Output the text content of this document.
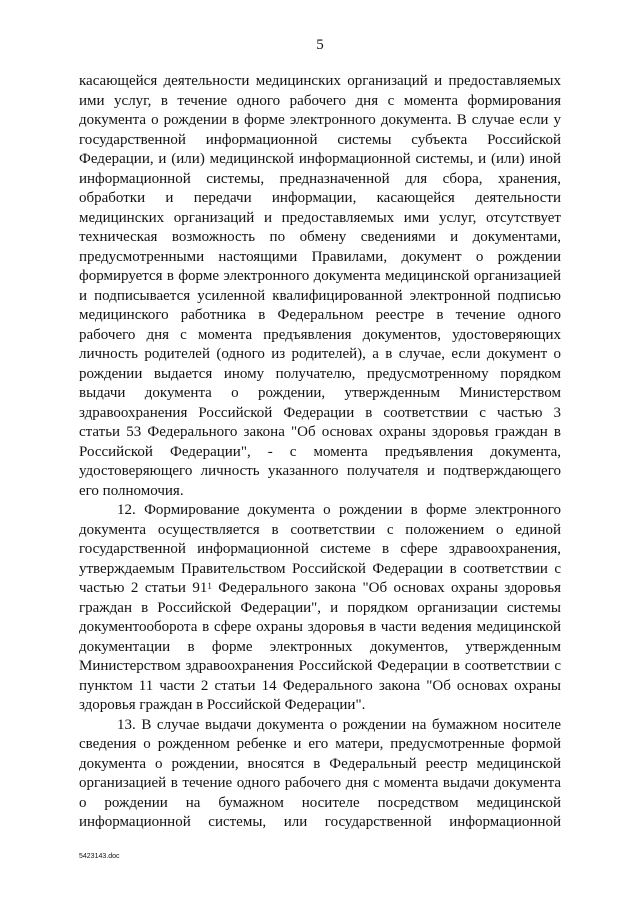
5
касающейся деятельности медицинских организаций и предоставляемых
ими услуг, в течение одного рабочего дня с момента формирования
документа о рождении в форме электронного документа. В случае если у
государственной информационной системы субъекта Российской
Федерации, и (или) медицинской информационной системы, и (или) иной
информационной системы, предназначенной для сбора, хранения,
обработки и передачи информации, касающейся деятельности
медицинских организаций и предоставляемых ими услуг, отсутствует
техническая возможность по обмену сведениями и документами,
предусмотренными настоящими Правилами, документ о рождении
формируется в форме электронного документа медицинской организацией
и подписывается усиленной квалифицированной электронной подписью
медицинского работника в Федеральном реестре в течение одного
рабочего дня с момента предъявления документов, удостоверяющих
личность родителей (одного из родителей), а в случае, если документ о
рождении выдается иному получателю, предусмотренному порядком
выдачи документа о рождении, утвержденным Министерством
здравоохранения Российской Федерации в соответствии с частью 3
статьи 53 Федерального закона "Об основах охраны здоровья граждан в
Российской Федерации", - с момента предъявления документа,
удостоверяющего личность указанного получателя и подтверждающего
его полномочия.
12. Формирование документа о рождении в форме электронного
документа осуществляется в соответствии с положением о единой
государственной информационной системе в сфере здравоохранения,
утверждаемым Правительством Российской Федерации в соответствии с
частью 2 статьи $91^1$ Федерального закона "Об основах охраны здоровья
граждан в Российской Федерации", и порядком организации системы
документооборота в сфере охраны здоровья в части ведения медицинской
документации в форме электронных документов, утвержденным
Министерством здравоохранения Российской Федерации в соответствии с
пунктом 11 части 2 статьи 14 Федерального закона "Об основах охраны
здоровья граждан в Российской Федерации".
13. В случае выдачи документа о рождении на бумажном носителе
сведения о рожденном ребенке и его матери, предусмотренные формой
документа о рождении, вносятся в Федеральный реестр медицинской
организацией в течение одного рабочего дня с момента выдачи документа
о рождении на бумажном носителе посредством медицинской
информационной системы, или государственной информационной
5423143.doc
